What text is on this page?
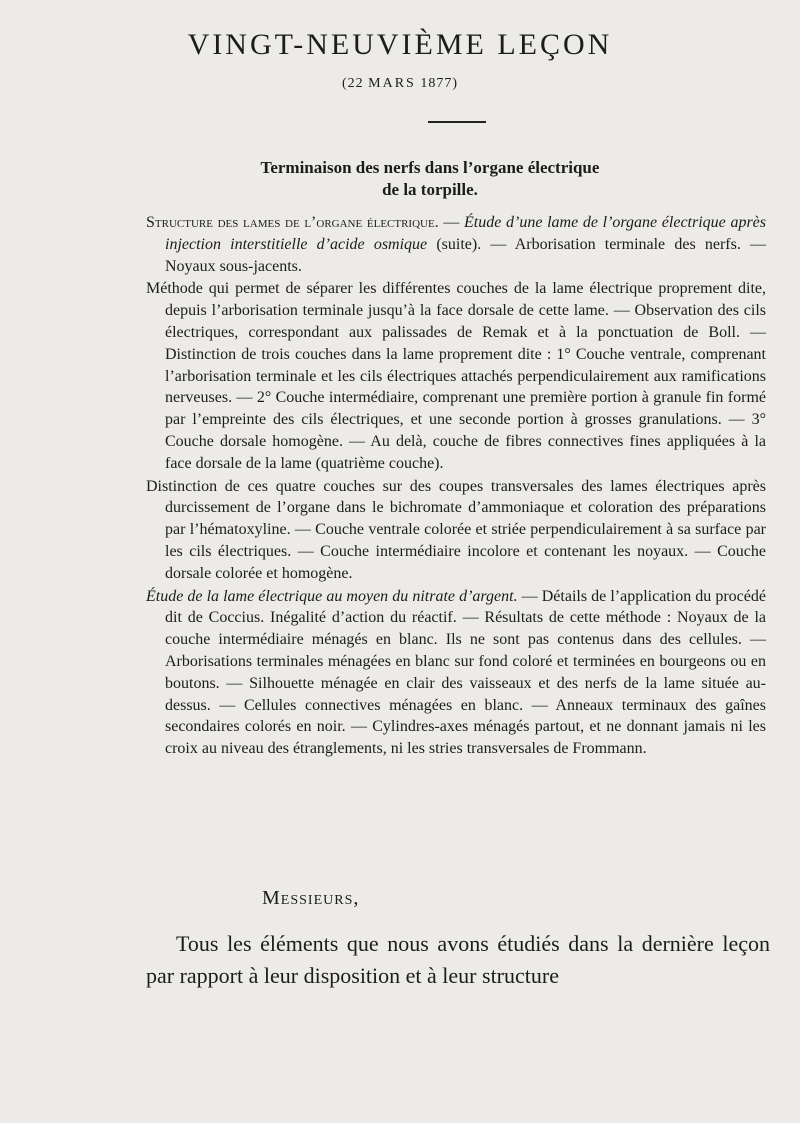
VINGT-NEUVIÈME LEÇON
(22 MARS 1877)
Terminaison des nerfs dans l’organe électrique
de la torpille.

Structure des lames de l’organe électrique. — Étude d’une lame de l’organe électrique après injection interstitielle d’acide osmique (suite). — Arborisation terminale des nerfs. — Noyaux sous-jacents.

Méthode qui permet de séparer les différentes couches de la lame électrique proprement dite, depuis l’arborisation terminale jusqu’à la face dorsale de cette lame. — Observation des cils électriques, correspondant aux palissades de Remak et à la ponctuation de Boll. — Distinction de trois couches dans la lame proprement dite : 1° Couche ventrale, comprenant l’arborisation terminale et les cils électriques attachés perpendiculairement aux ramifications nerveuses. — 2° Couche intermédiaire, comprenant une première portion à granule fin formé par l’empreinte des cils électriques, et une seconde portion à grosses granulations. — 3° Couche dorsale homogène. — Au delà, couche de fibres connectives fines appliquées à la face dorsale de la lame (quatrième couche).

Distinction de ces quatre couches sur des coupes transversales des lames électriques après durcissement de l’organe dans le bichromate d’ammoniaque et coloration des préparations par l’hématoxyline. — Couche ventrale colorée et striée perpendiculairement à sa surface par les cils électriques. — Couche intermédiaire incolore et contenant les noyaux. — Couche dorsale colorée et homogène.

Étude de la lame électrique au moyen du nitrate d’argent. — Détails de l’application du procédé dit de Coccius. Inégalité d’action du réactif. — Résultats de cette méthode : Noyaux de la couche intermédiaire ménagés en blanc. Ils ne sont pas contenus dans des cellules. — Arborisations terminales ménagées en blanc sur fond coloré et terminées en bourgeons ou en boutons. — Silhouette ménagée en clair des vaisseaux et des nerfs de la lame située au-dessus. — Cellules connectives ménagées en blanc. — Anneaux terminaux des gaînes secondaires colorés en noir. — Cylindres-axes ménagés partout, et ne donnant jamais ni les croix au niveau des étranglements, ni les stries transversales de Frommann.

Messieurs,
Tous les éléments que nous avons étudiés dans la dernière leçon par rapport à leur disposition et à leur structure
